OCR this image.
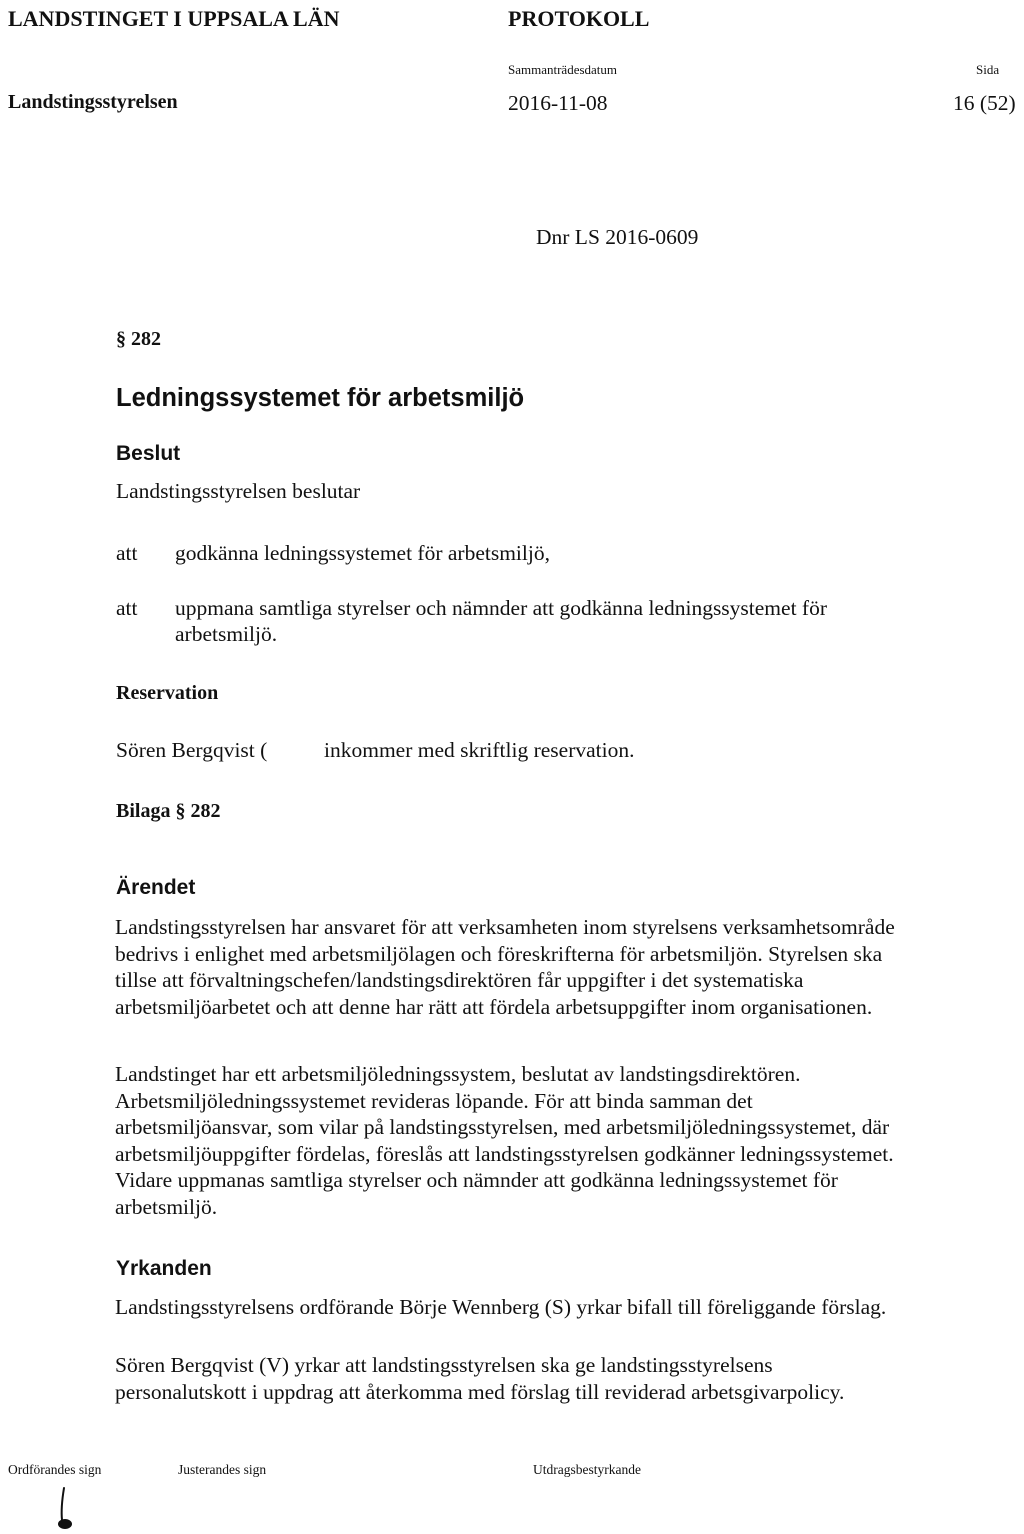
LANDSTINGET I UPPSALA LÄN	PROTOKOLL
Sammanträdesdatum	Sida
Landstingsstyrelsen	2016-11-08	16 (52)
Dnr LS 2016-0609
§ 282
Ledningssystemet för arbetsmiljö
Beslut
Landstingsstyrelsen beslutar
att godkänna ledningssystemet för arbetsmiljö,
att uppmana samtliga styrelser och nämnder att godkänna ledningssystemet för
arbetsmiljö.
Reservation
Sören Bergqvist (	inkommer med skriftlig reservation.
Bilaga § 282
Ärendet
Landstingsstyrelsen har ansvaret för att verksamheten inom styrelsens verksamhetsområde
bedrivs i enlighet med arbetsmiljölagen och föreskrifterna för arbetsmiljön. Styrelsen ska
tillse att förvaltningschefen/landstingsdirektören får uppgifter i det systematiska
arbetsmiljöarbetet och att denne har rätt att fördela arbetsuppgifter inom organisationen.
Landstinget har ett arbetsmiljöledningssystem, beslutat av landstingsdirektören.
Arbetsmiljöledningssystemet revideras löpande. För att binda samman det
arbetsmiljöansvar, som vilar på landstingsstyrelsen, med arbetsmiljöledningssystemet, där
arbetsmiljöuppgifter fördelas, föreslås att landstingsstyrelsen godkänner ledningssystemet.
Vidare uppmanas samtliga styrelser och nämnder att godkänna ledningssystemet för
arbetsmiljö.
Yrkanden
Landstingsstyrelsens ordförande Börje Wennberg (S) yrkar bifall till föreliggande förslag.
Sören Bergqvist (V) yrkar att landstingsstyrelsen ska ge landstingsstyrelsens
personalutskott i uppdrag att återkomma med förslag till reviderad arbetsgivarpolicy.
Ordförandes sign	Justerandes sign	Utdragsbestyrkande
